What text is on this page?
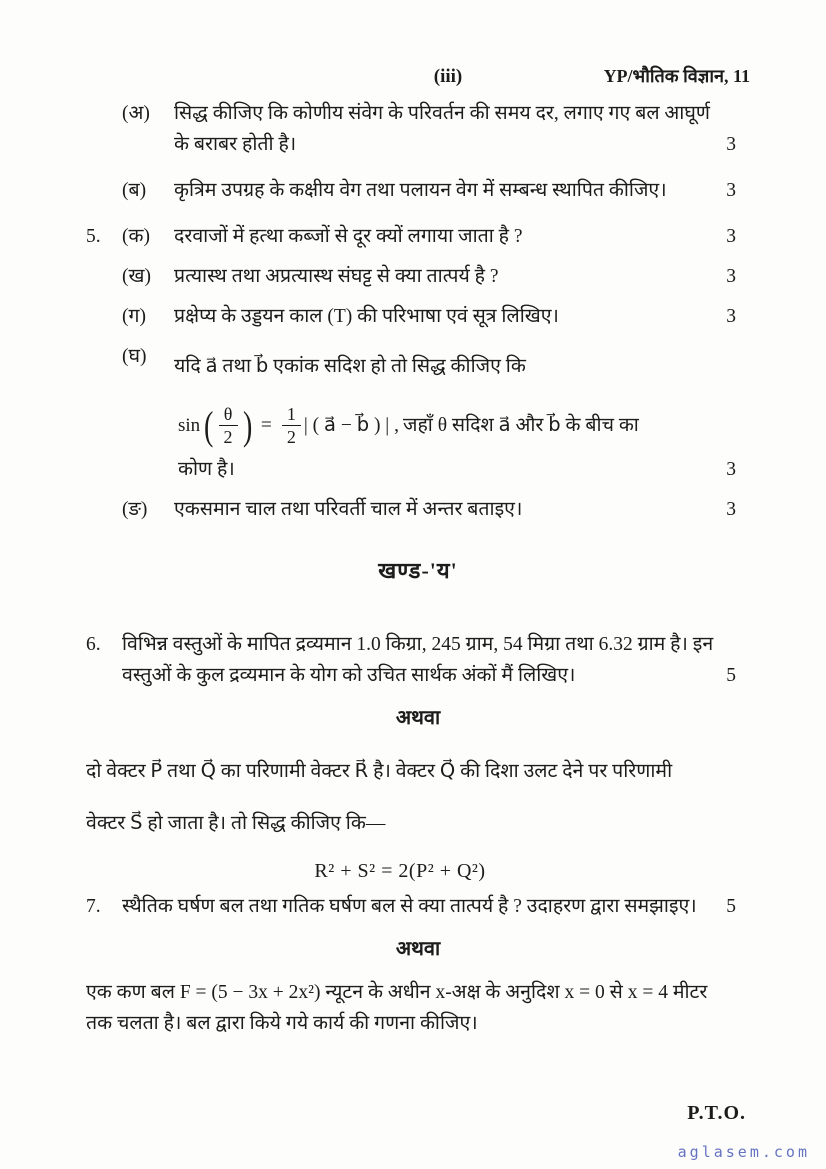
(iii)	YP/भौतिक विज्ञान, 11
(अ)	सिद्ध कीजिए कि कोणीय संवेग के परिवर्तन की समय दर, लगाए गए बल आघूर्ण के बराबर होती है।	3
(ब)	कृत्रिम उपग्रह के कक्षीय वेग तथा पलायन वेग में सम्बन्ध स्थापित कीजिए।	3
5.	(क)	दरवाजों में हत्था कब्जों से दूर क्यों लगाया जाता है ?	3
(ख)	प्रत्यास्थ तथा अप्रत्यास्थ संघट्ट से क्या तात्पर्य है ?	3
(ग)	प्रक्षेप्य के उड्डयन काल (T) की परिभाषा एवं सूत्र लिखिए।	3
(घ)	यदि a⃗ तथा b⃗ एकांक सदिश हो तो सिद्ध कीजिए कि
sin ( $\frac{\theta}{2}$ ) = $\frac{1}{2}$ | ( a⃗ − b⃗ ) | , जहाँ θ सदिश a⃗ और b⃗ के बीच का
कोण है।	3
(ङ)	एकसमान चाल तथा परिवर्ती चाल में अन्तर बताइए।	3
खण्ड-'य'
6.	विभिन्न वस्तुओं के मापित द्रव्यमान 1.0 किग्रा, 245 ग्राम, 54 मिग्रा तथा 6.32 ग्राम है। इन वस्तुओं के कुल द्रव्यमान के योग को उचित सार्थक अंकों मैं लिखिए।	5
अथवा
दो वेक्टर P⃗ तथा Q⃗ का परिणामी वेक्टर R⃗ है। वेक्टर Q⃗ की दिशा उलट देने पर परिणामी वेक्टर S⃗ हो जाता है। तो सिद्ध कीजिए कि—
R² + S² = 2(P² + Q²)
7.	स्थैतिक घर्षण बल तथा गतिक घर्षण बल से क्या तात्पर्य है ? उदाहरण द्वारा समझाइए।	5
अथवा
एक कण बल F = (5 − 3x + 2x²) न्यूटन के अधीन x-अक्ष के अनुदिश x = 0 से x = 4 मीटर तक चलता है। बल द्वारा किये गये कार्य की गणना कीजिए।
P.T.O.
aglasem.com
